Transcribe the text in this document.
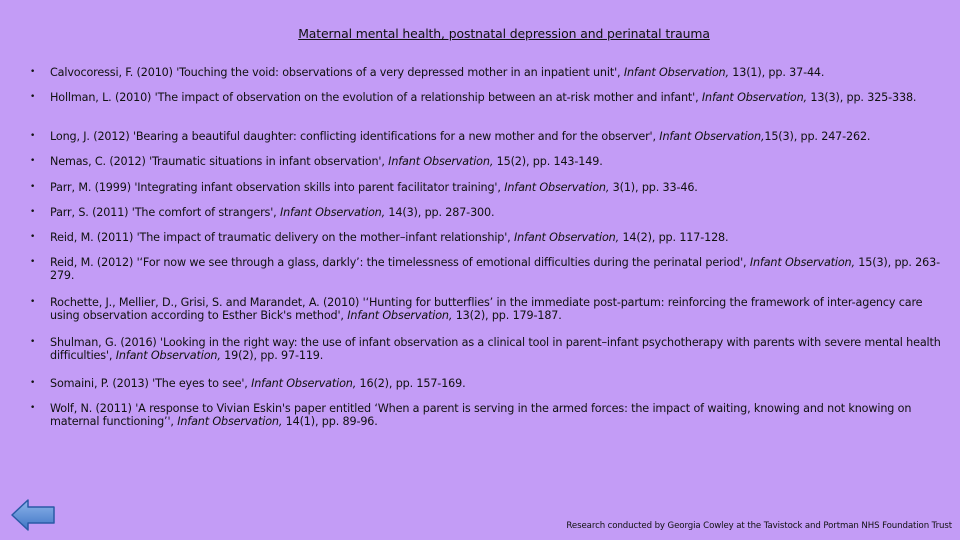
Maternal mental health, postnatal depression and perinatal trauma
• Calvocoressi, F. (2010) 'Touching the void: observations of a very depressed mother in an inpatient unit', Infant Observation, 13(1), pp. 37-44.
• Hollman, L. (2010) 'The impact of observation on the evolution of a relationship between an at-risk mother and infant', Infant Observation, 13(3), pp. 325-338.
• Long, J. (2012) 'Bearing a beautiful daughter: conflicting identifications for a new mother and for the observer', Infant Observation,15(3), pp. 247-262.
• Nemas, C. (2012) 'Traumatic situations in infant observation', Infant Observation, 15(2), pp. 143-149.
• Parr, M. (1999) 'Integrating infant observation skills into parent facilitator training', Infant Observation, 3(1), pp. 33-46.
• Parr, S. (2011) 'The comfort of strangers', Infant Observation, 14(3), pp. 287-300.
• Reid, M. (2011) 'The impact of traumatic delivery on the mother–infant relationship', Infant Observation, 14(2), pp. 117-128.
• Reid, M. (2012) '‘For now we see through a glass, darkly’: the timelessness of emotional difficulties during the perinatal period', Infant Observation, 15(3), pp. 263-279.
• Rochette, J., Mellier, D., Grisi, S. and Marandet, A. (2010) '‘Hunting for butterflies’ in the immediate post-partum: reinforcing the framework of inter-agency care using observation according to Esther Bick's method', Infant Observation, 13(2), pp. 179-187.
• Shulman, G. (2016) 'Looking in the right way: the use of infant observation as a clinical tool in parent–infant psychotherapy with parents with severe mental health difficulties', Infant Observation, 19(2), pp. 97-119.
• Somaini, P. (2013) 'The eyes to see', Infant Observation, 16(2), pp. 157-169.
• Wolf, N. (2011) 'A response to Vivian Eskin's paper entitled ‘When a parent is serving in the armed forces: the impact of waiting, knowing and not knowing on maternal functioning’', Infant Observation, 14(1), pp. 89-96.
Research conducted by Georgia Cowley at the Tavistock and Portman NHS Foundation Trust
